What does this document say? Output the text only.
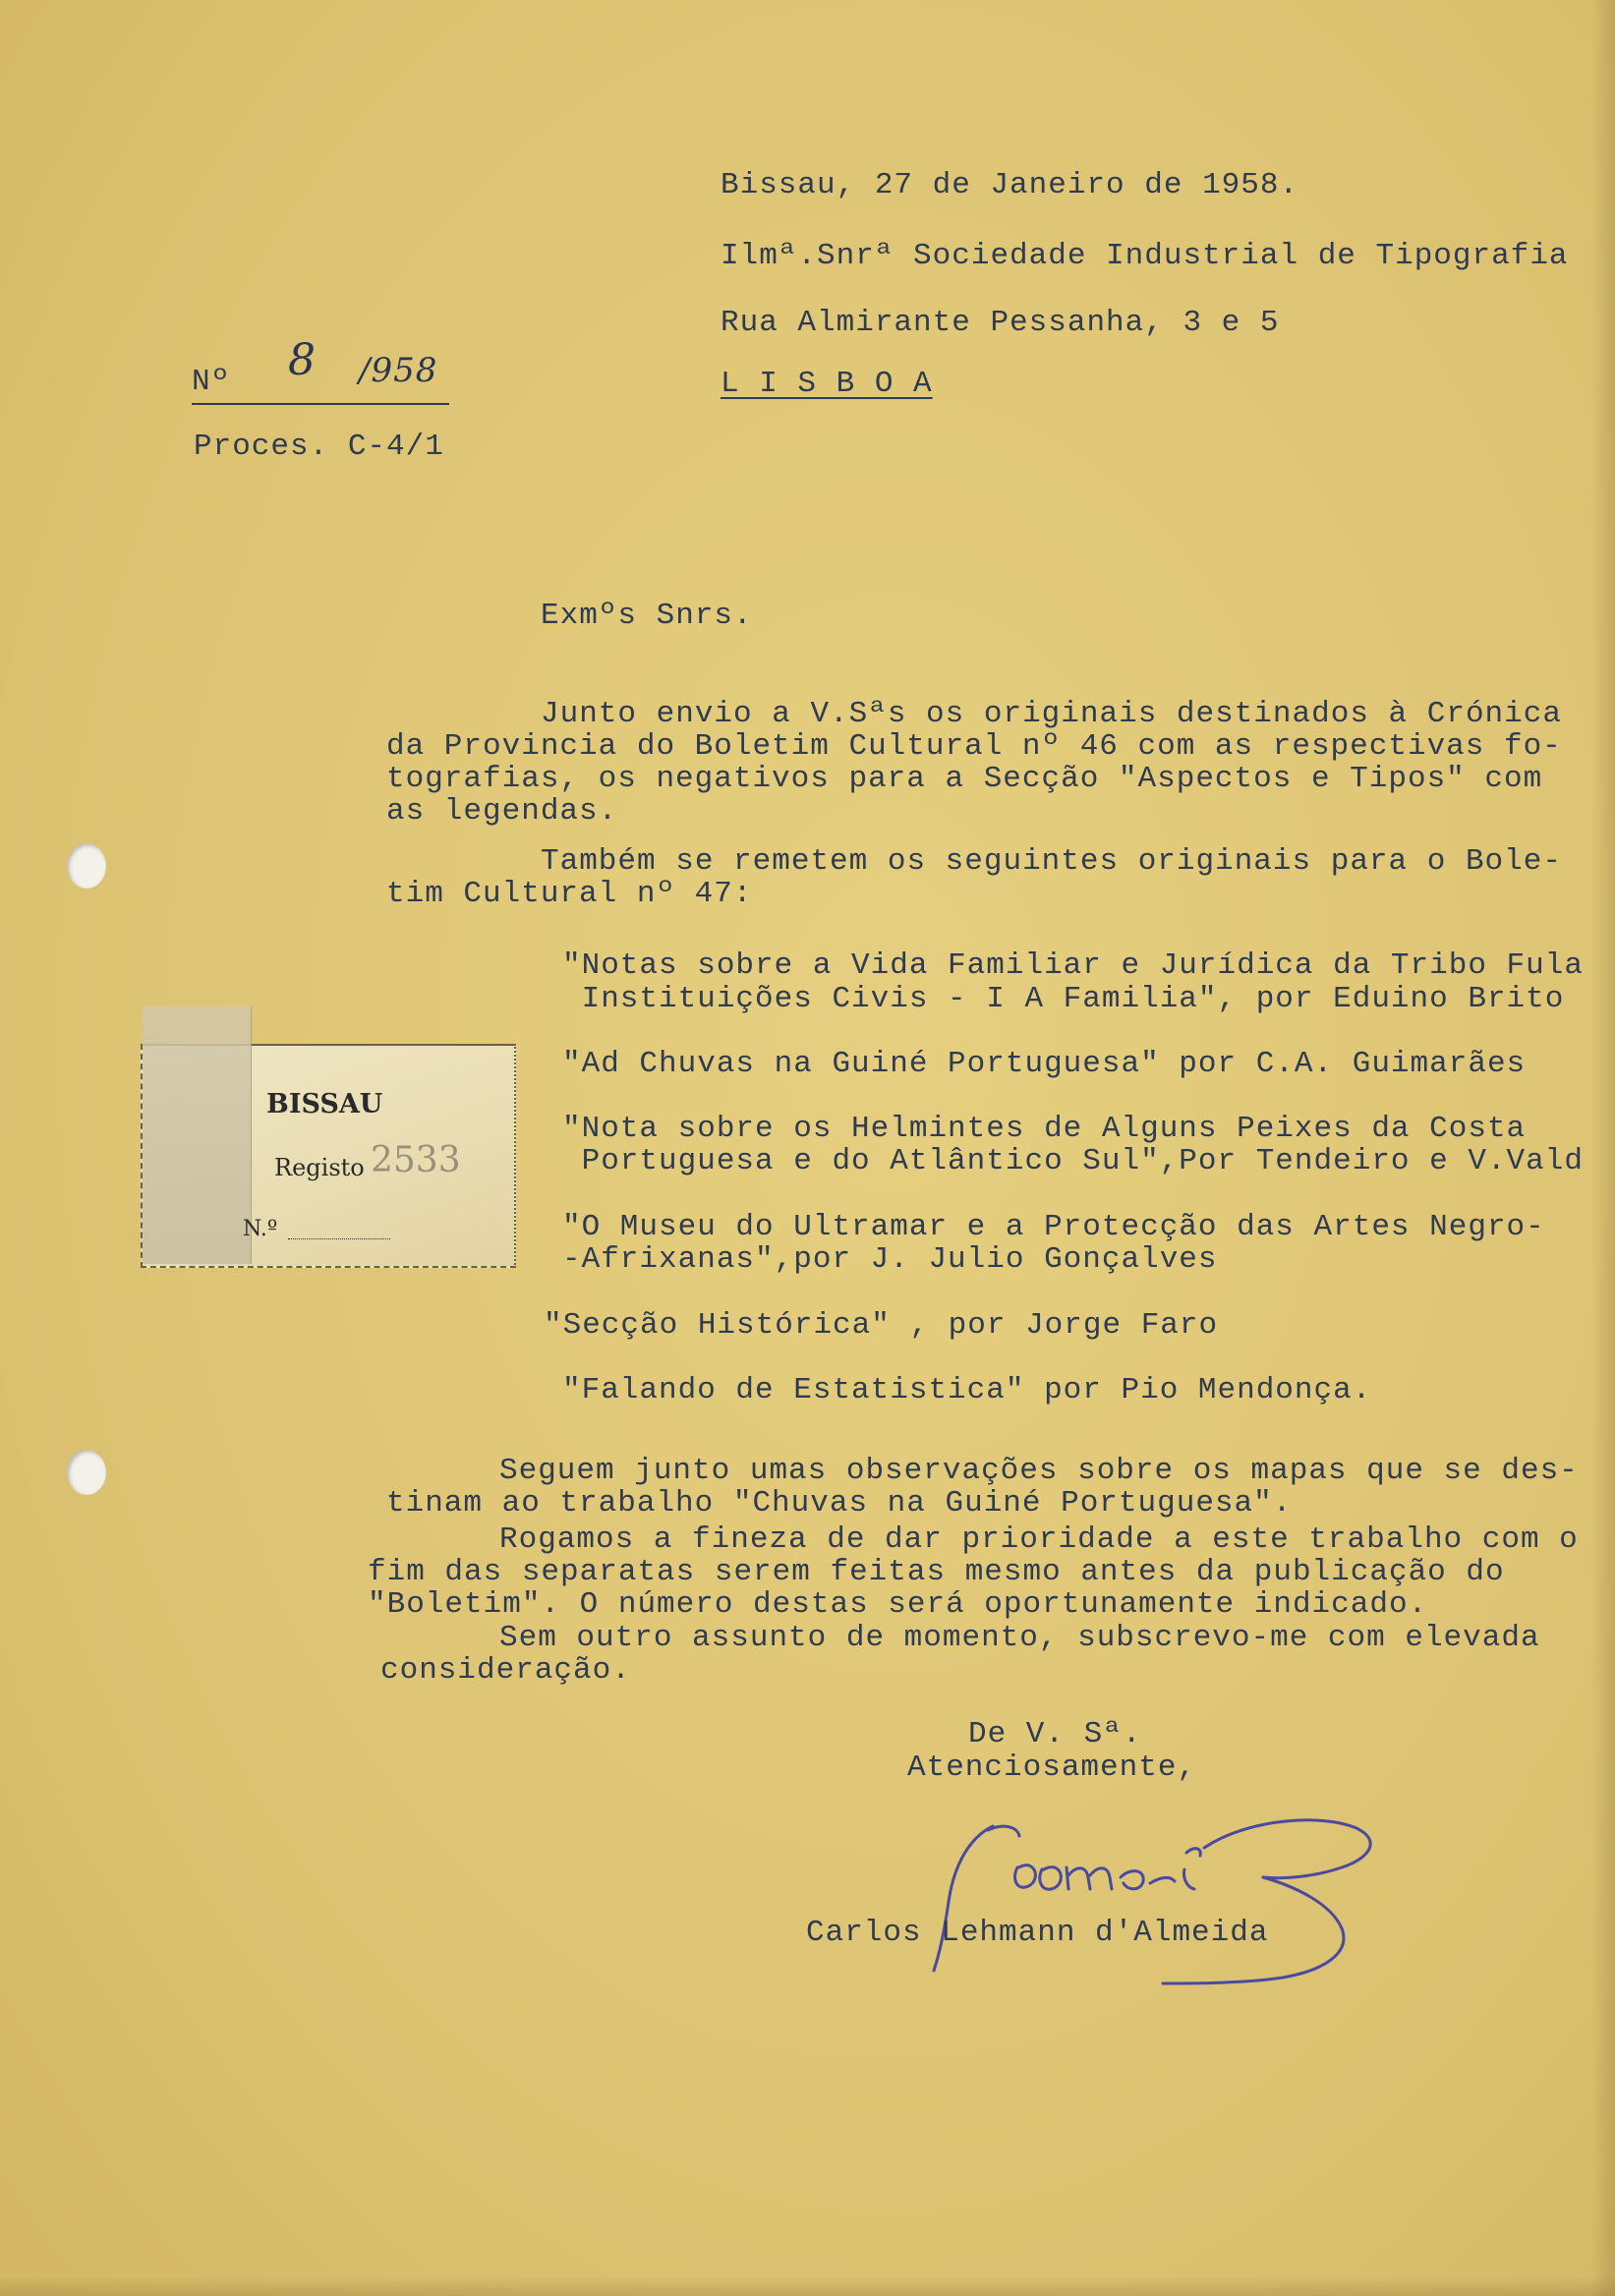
Bissau, 27 de Janeiro de 1958.
Ilmª.Snrª Sociedade Industrial de Tipografia
Rua Almirante Pessanha, 3 e 5
L I S B O A
Nº 8 /958
Proces. C-4/1
BISSAU
Registo 2533
N.º
Exmºs Snrs.
Junto envio a V.Sªs os originais destinados à Crónica
da Provincia do Boletim Cultural nº 46 com as respectivas fo-
tografias, os negativos para a Secção "Aspectos e Tipos" com
as legendas.
Também se remetem os seguintes originais para o Bole-
tim Cultural nº 47:
"Notas sobre a Vida Familiar e Jurídica da Tribo Fula
Instituições Civis - I A Familia", por Eduino Brito
"Ad Chuvas na Guiné Portuguesa" por C.A. Guimarães
"Nota sobre os Helmintes de Alguns Peixes da Costa
Portuguesa e do Atlântico Sul",Por Tendeiro e V.Vald
"O Museu do Ultramar e a Protecção das Artes Negro-
-Afrixanas",por J. Julio Gonçalves
"Secção Histórica" , por Jorge Faro
"Falando de Estatistica" por Pio Mendonça.
Seguem junto umas observações sobre os mapas que se des-
tinam ao trabalho "Chuvas na Guiné Portuguesa".
Rogamos a fineza de dar prioridade a este trabalho com o
fim das separatas serem feitas mesmo antes da publicação do
"Boletim". O número destas será oportunamente indicado.
Sem outro assunto de momento, subscrevo-me com elevada
consideração.
De V. Sª.
Atenciosamente,
Carlos Lehmann d'Almeida
